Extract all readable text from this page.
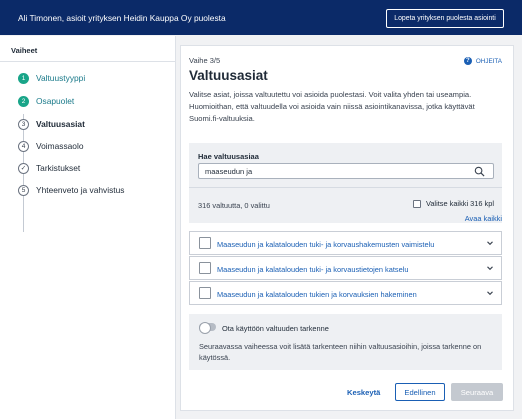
Ali Timonen, asioit yrityksen Heidin Kauppa Oy puolesta	Lopeta yrityksen puolesta asiointi
Vaiheet
1	Valtuustyyppi
2	Osapuolet
3	Valtuusasiat
4	Voimassaolo
✓	Tarkistukset
5	Yhteenveto ja vahvistus
Vaihe 3/5	? OHJEITA
Valtuusasiat
Valitse asiat, joissa valtuutettu voi asioida puolestasi. Voit valita yhden tai useampia. Huomioithan, että valtuudella voi asioida vain niissä asiointikanavissa, jotka käyttävät Suomi.fi-valtuuksia.
Hae valtuusasiaa
maaseudun ja
316 valtuutta, 0 valittu	Valitse kaikki 316 kpl
Avaa kaikki
Maaseudun ja kalatalouden tuki- ja korvaushakemusten vaimistelu
Maaseudun ja kalatalouden tuki- ja korvaustietojen katselu
Maaseudun ja kalatalouden tukien ja korvauksien hakeminen
Ota käyttöön valtuuden tarkenne
Seuraavassa vaiheessa voit lisätä tarkenteen niihin valtuusasioihin, joissa tarkenne on käytössä.
Keskeytä	Edellinen	Seuraava
